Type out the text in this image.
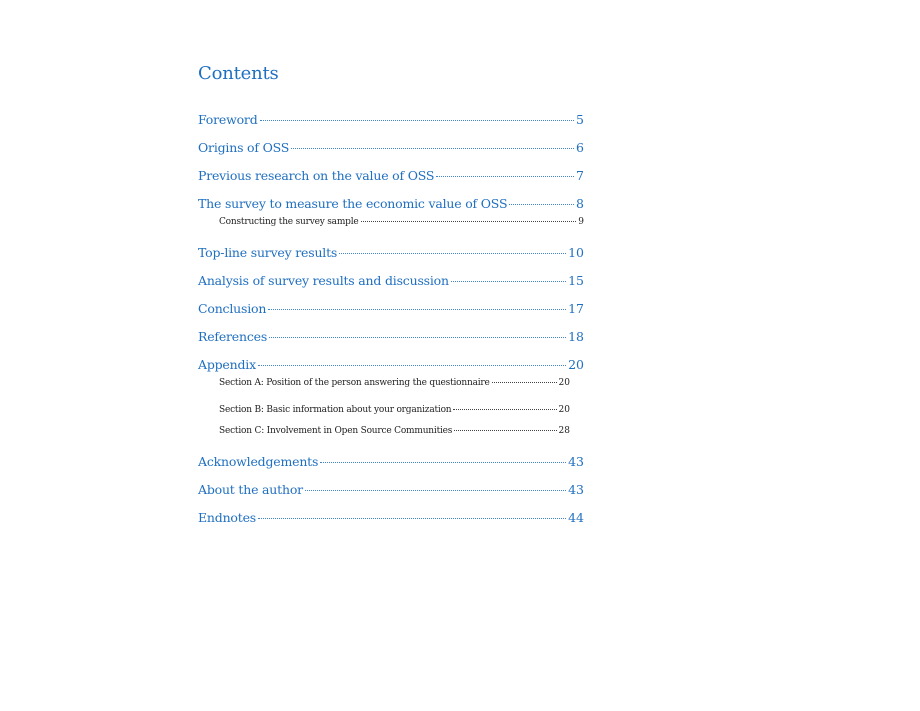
Contents
Foreword	5
Origins of OSS	6
Previous research on the value of OSS	7
The survey to measure the economic value of OSS	8
Constructing the survey sample	9
Top-line survey results	10
Analysis of survey results and discussion	15
Conclusion	17
References	18
Appendix	20
Section A: Position of the person answering the questionnaire	20
Section B: Basic information about your organization	20
Section C: Involvement in Open Source Communities	28
Acknowledgements	43
About the author	43
Endnotes	44
